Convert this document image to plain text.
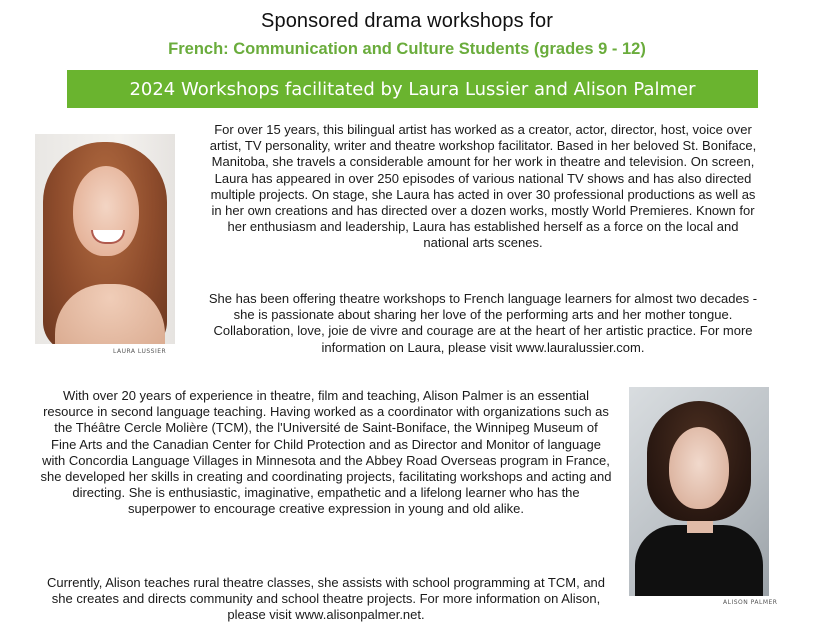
Sponsored drama workshops for
French: Communication and Culture Students (grades 9 - 12)
2024 Workshops facilitated by Laura Lussier and Alison Palmer
LAURA LUSSIER

For over 15 years, this bilingual artist has worked as a creator, actor, director, host, voice over artist, TV personality, writer and theatre workshop facilitator. Based in her beloved St. Boniface, Manitoba, she travels a considerable amount for her work in theatre and television. On screen, Laura has appeared in over 250 episodes of various national TV shows and has also directed multiple projects. On stage, she Laura has acted in over 30 professional productions as well as in her own creations and has directed over a dozen works, mostly World Premieres. Known for her enthusiasm and leadership, Laura has established herself as a force on the local and national arts scenes.

She has been offering theatre workshops to French language learners for almost two decades - she is passionate about sharing her love of the performing arts and her mother tongue. Collaboration, love, joie de vivre and courage are at the heart of her artistic practice. For more information on Laura, please visit www.lauralussier.com.

With over 20 years of experience in theatre, film and teaching, Alison Palmer is an essential resource in second language teaching. Having worked as a coordinator with organizations such as the Théâtre Cercle Molière (TCM), the l'Université de Saint-Boniface, the Winnipeg Museum of Fine Arts and the Canadian Center for Child Protection and as Director and Monitor of language with Concordia Language Villages in Minnesota and the Abbey Road Overseas program in France, she developed her skills in creating and coordinating projects, facilitating workshops and acting and directing. She is enthusiastic, imaginative, empathetic and a lifelong learner who has the superpower to encourage creative expression in young and old alike.

Currently, Alison teaches rural theatre classes, she assists with school programming at TCM, and she creates and directs community and school theatre projects. For more information on Alison, please visit www.alisonpalmer.net.

ALISON PALMER
